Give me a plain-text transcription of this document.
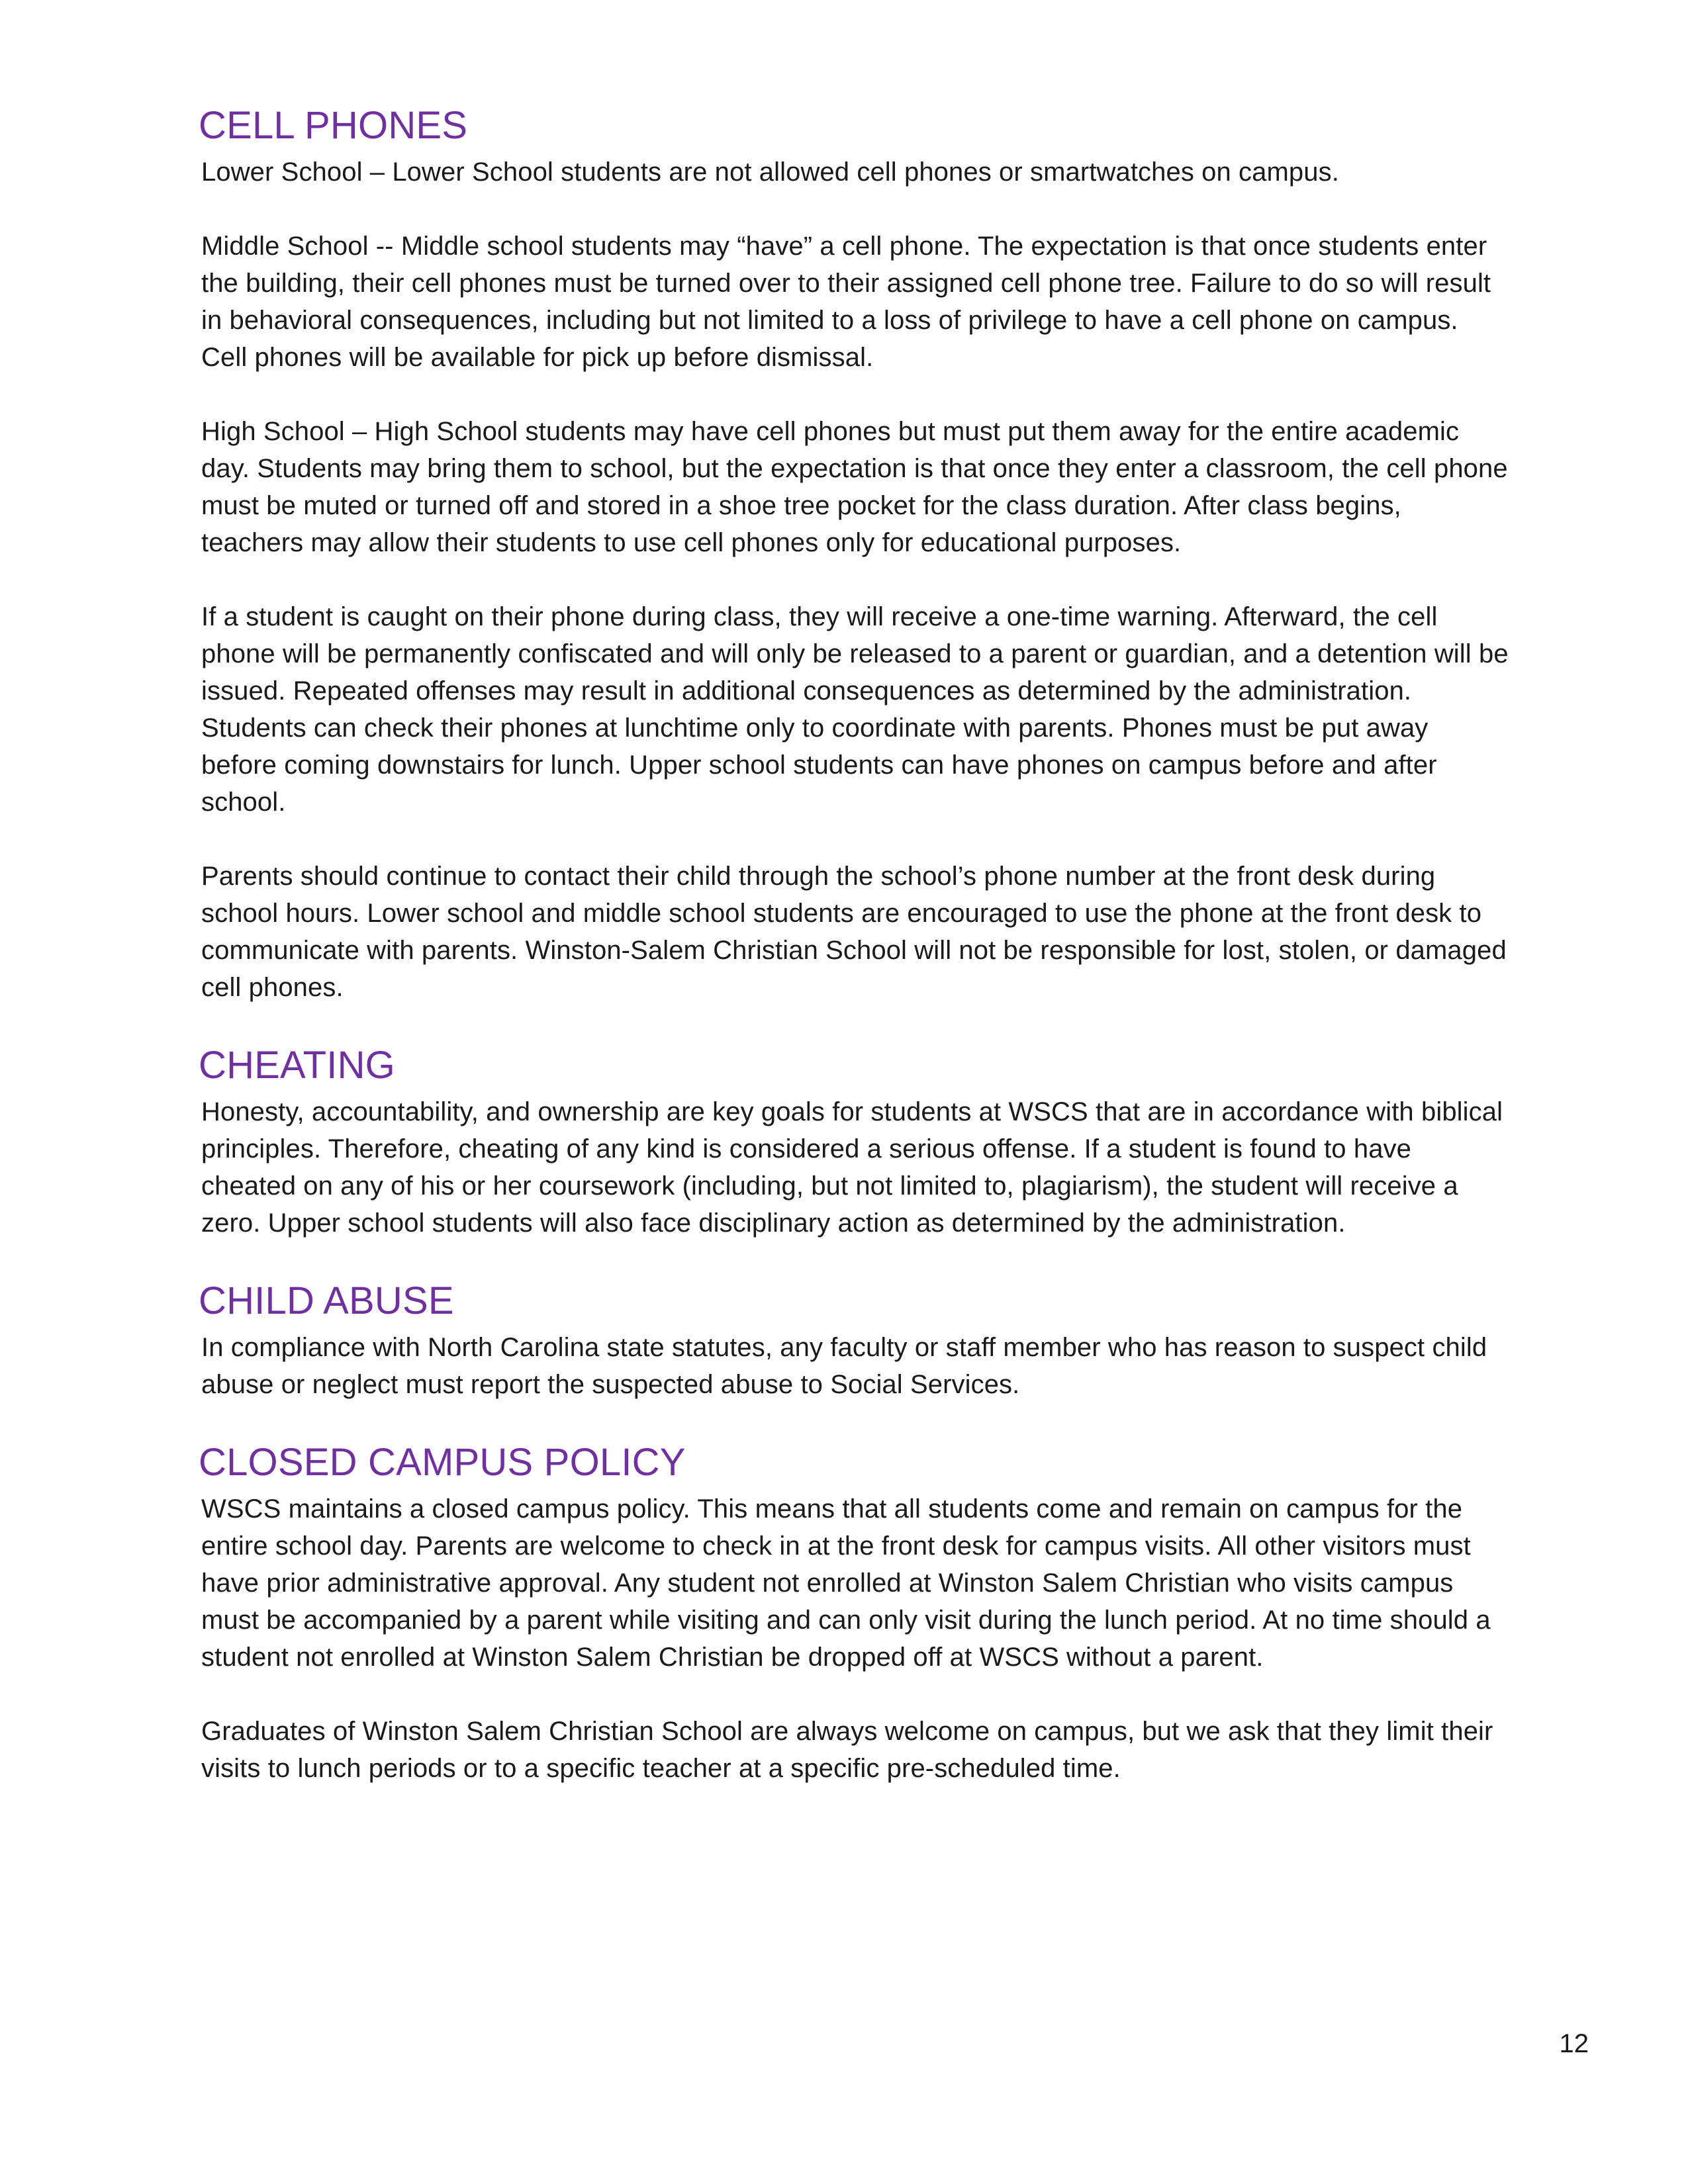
CELL PHONES

Lower School – Lower School students are not allowed cell phones or smartwatches on campus.

Middle School -- Middle school students may “have” a cell phone. The expectation is that once students enter the building, their cell phones must be turned over to their assigned cell phone tree. Failure to do so will result in behavioral consequences, including but not limited to a loss of privilege to have a cell phone on campus. Cell phones will be available for pick up before dismissal.

High School – High School students may have cell phones but must put them away for the entire academic day. Students may bring them to school, but the expectation is that once they enter a classroom, the cell phone must be muted or turned off and stored in a shoe tree pocket for the class duration. After class begins, teachers may allow their students to use cell phones only for educational purposes.

If a student is caught on their phone during class, they will receive a one-time warning. Afterward, the cell phone will be permanently confiscated and will only be released to a parent or guardian, and a detention will be issued. Repeated offenses may result in additional consequences as determined by the administration. Students can check their phones at lunchtime only to coordinate with parents. Phones must be put away before coming downstairs for lunch. Upper school students can have phones on campus before and after school.

Parents should continue to contact their child through the school’s phone number at the front desk during school hours. Lower school and middle school students are encouraged to use the phone at the front desk to communicate with parents. Winston-Salem Christian School will not be responsible for lost, stolen, or damaged cell phones.

CHEATING

Honesty, accountability, and ownership are key goals for students at WSCS that are in accordance with biblical principles. Therefore, cheating of any kind is considered a serious offense. If a student is found to have cheated on any of his or her coursework (including, but not limited to, plagiarism), the student will receive a zero. Upper school students will also face disciplinary action as determined by the administration.

CHILD ABUSE

In compliance with North Carolina state statutes, any faculty or staff member who has reason to suspect child abuse or neglect must report the suspected abuse to Social Services.

CLOSED CAMPUS POLICY

WSCS maintains a closed campus policy. This means that all students come and remain on campus for the entire school day. Parents are welcome to check in at the front desk for campus visits. All other visitors must have prior administrative approval. Any student not enrolled at Winston Salem Christian who visits campus must be accompanied by a parent while visiting and can only visit during the lunch period. At no time should a student not enrolled at Winston Salem Christian be dropped off at WSCS without a parent.

Graduates of Winston Salem Christian School are always welcome on campus, but we ask that they limit their visits to lunch periods or to a specific teacher at a specific pre-scheduled time.

12
